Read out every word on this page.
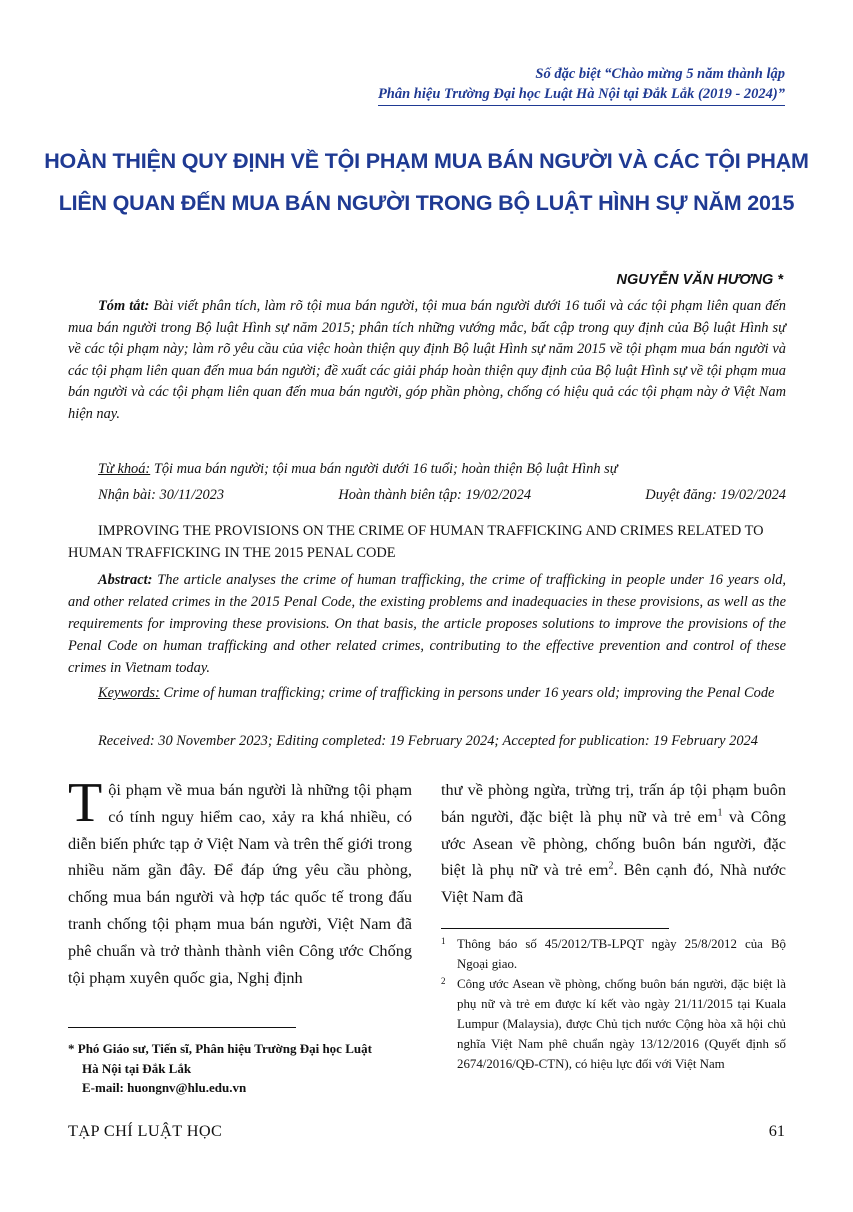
Số đặc biệt “Chào mừng 5 năm thành lập
Phân hiệu Trường Đại học Luật Hà Nội tại Đắk Lắk (2019 - 2024)”
HOÀN THIỆN QUY ĐỊNH VỀ TỘI PHẠM MUA BÁN NGƯỜI VÀ CÁC TỘI PHẠM
LIÊN QUAN ĐẾN MUA BÁN NGƯỜI TRONG BỘ LUẬT HÌNH SỰ NĂM 2015
NGUYỄN VĂN HƯƠNG *

Tóm tắt: Bài viết phân tích, làm rõ tội mua bán người, tội mua bán người dưới 16 tuổi và các tội phạm liên quan đến mua bán người trong Bộ luật Hình sự năm 2015; phân tích những vướng mắc, bất cập trong quy định của Bộ luật Hình sự về các tội phạm này; làm rõ yêu cầu của việc hoàn thiện quy định Bộ luật Hình sự năm 2015 về tội phạm mua bán người và các tội phạm liên quan đến mua bán người; đề xuất các giải pháp hoàn thiện quy định của Bộ luật Hình sự về tội phạm mua bán người và các tội phạm liên quan đến mua bán người, góp phần phòng, chống có hiệu quả các tội phạm này ở Việt Nam hiện nay.

Từ khoá: Tội mua bán người; tội mua bán người dưới 16 tuổi; hoàn thiện Bộ luật Hình sự
Nhận bài: 30/11/2023	Hoàn thành biên tập: 19/02/2024	Duyệt đăng: 19/02/2024
IMPROVING THE PROVISIONS ON THE CRIME OF HUMAN TRAFFICKING AND CRIMES RELATED TO HUMAN TRAFFICKING IN THE 2015 PENAL CODE
Abstract: The article analyses the crime of human trafficking, the crime of trafficking in people under 16 years old, and other related crimes in the 2015 Penal Code, the existing problems and inadequacies in these provisions, as well as the requirements for improving these provisions. On that basis, the article proposes solutions to improve the provisions of the Penal Code on human trafficking and other related crimes, contributing to the effective prevention and control of these crimes in Vietnam today.
Keywords: Crime of human trafficking; crime of trafficking in persons under 16 years old; improving the Penal Code
Received: 30 November 2023; Editing completed: 19 February 2024; Accepted for publication: 19 February 2024

Tội phạm về mua bán người là những tội phạm có tính nguy hiểm cao, xảy ra khá nhiều, có diễn biến phức tạp ở Việt Nam và trên thế giới trong nhiều năm gần đây. Để đáp ứng yêu cầu phòng, chống mua bán người và hợp tác quốc tế trong đấu tranh chống tội phạm mua bán người, Việt Nam đã phê chuẩn và trở thành thành viên Công ước Chống tội phạm xuyên quốc gia, Nghị định

thư về phòng ngừa, trừng trị, trấn áp tội phạm buôn bán người, đặc biệt là phụ nữ và trẻ $em^1$ và Công ước Asean về phòng, chống buôn bán người, đặc biệt là phụ nữ và trẻ $em^2$. Bên cạnh đó, Nhà nước Việt Nam đã

* Phó Giáo sư, Tiến sĩ, Phân hiệu Trường Đại học Luật
Hà Nội tại Đắk Lắk
E-mail: huongnv@hlu.edu.vn
1 Thông báo số 45/2012/TB-LPQT ngày 25/8/2012 của Bộ Ngoại giao.
2 Công ước Asean về phòng, chống buôn bán người, đặc biệt là phụ nữ và trẻ em được kí kết vào ngày 21/11/2015 tại Kuala Lumpur (Malaysia), được Chủ tịch nước Cộng hòa xã hội chủ nghĩa Việt Nam phê chuẩn ngày 13/12/2016 (Quyết định số 2674/2016/QĐ-CTN), có hiệu lực đối với Việt Nam
TẠP CHÍ LUẬT HỌC	61
